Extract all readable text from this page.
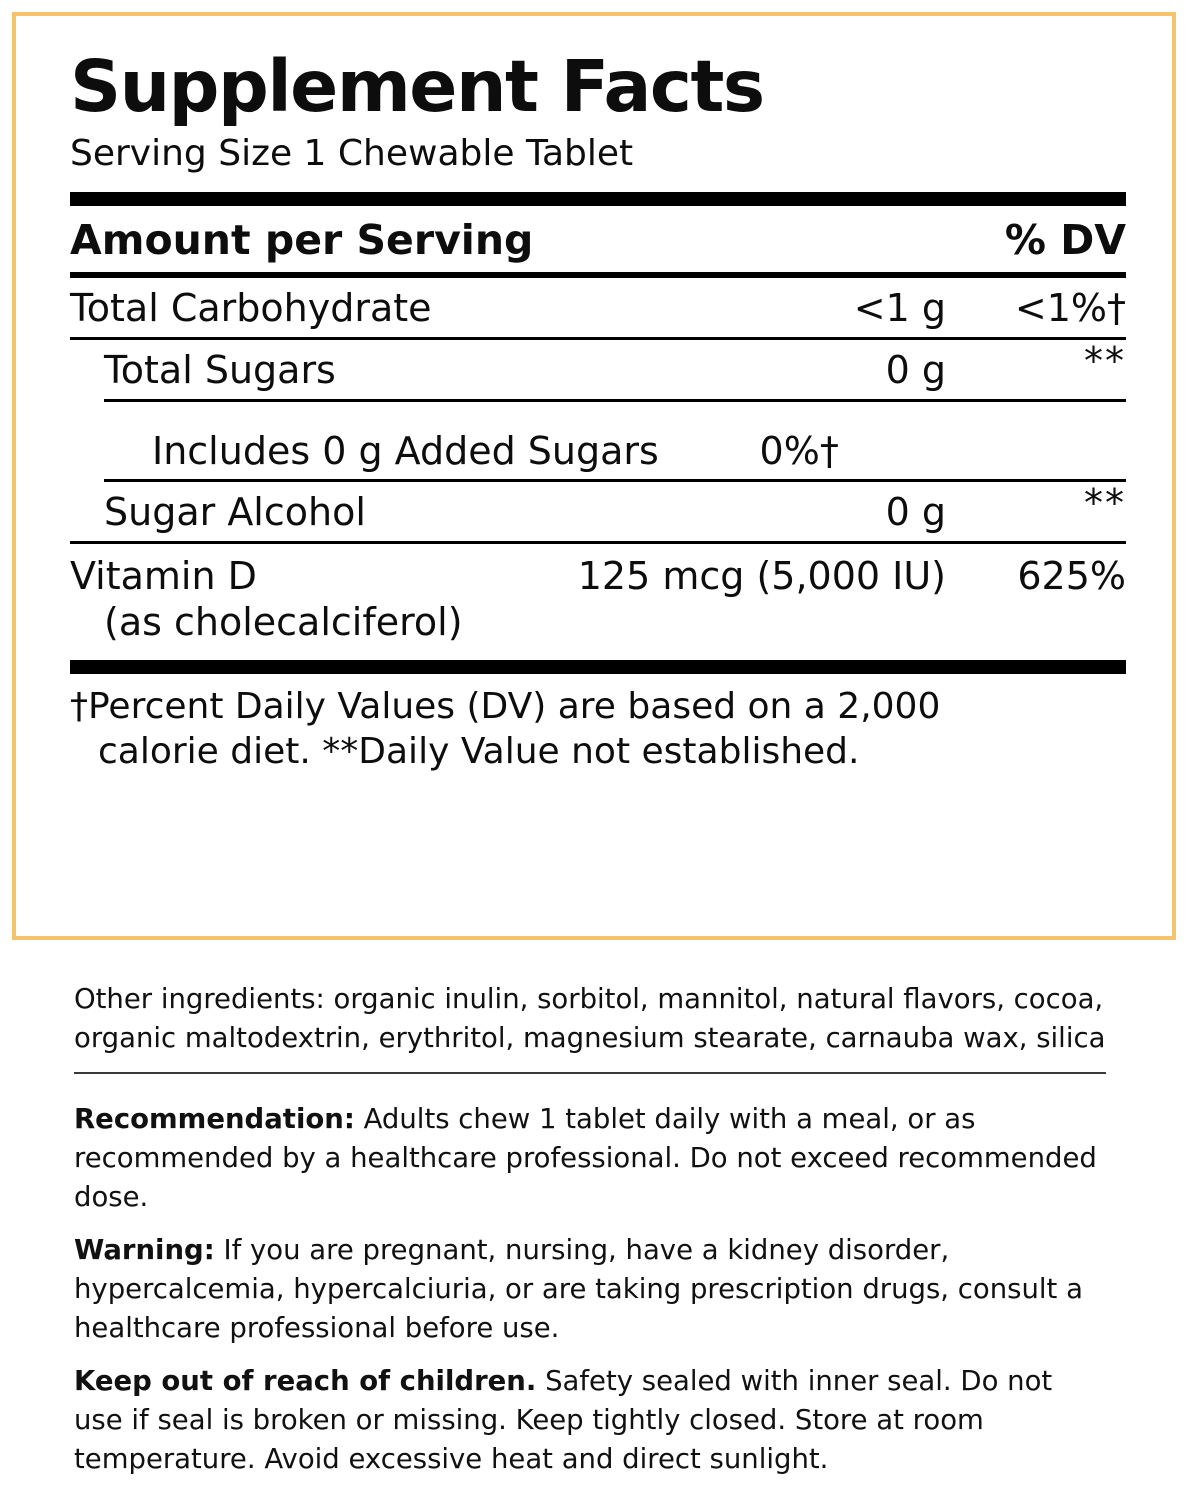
Supplement Facts
Serving Size 1 Chewable Tablet
Amount per Serving	% DV
Total Carbohydrate	<1 g <1%†
Total Sugars	0 g	**
Includes 0 g Added Sugars	0%†
Sugar Alcohol	0 g	**
Vitamin D	125 mcg (5,000 IU)	625%
(as cholecalciferol)
†Percent Daily Values (DV) are based on a 2,000
calorie diet. **Daily Value not established.

Other ingredients: organic inulin, sorbitol, mannitol, natural flavors, cocoa, organic maltodextrin, erythritol, magnesium stearate, carnauba wax, silica

Recommendation: Adults chew 1 tablet daily with a meal, or as recommended by a healthcare professional. Do not exceed recommended dose.

Warning: If you are pregnant, nursing, have a kidney disorder, hypercalcemia, hypercalciuria, or are taking prescription drugs, consult a healthcare professional before use.

Keep out of reach of children. Safety sealed with inner seal. Do not use if seal is broken or missing. Keep tightly closed. Store at room temperature. Avoid excessive heat and direct sunlight.
